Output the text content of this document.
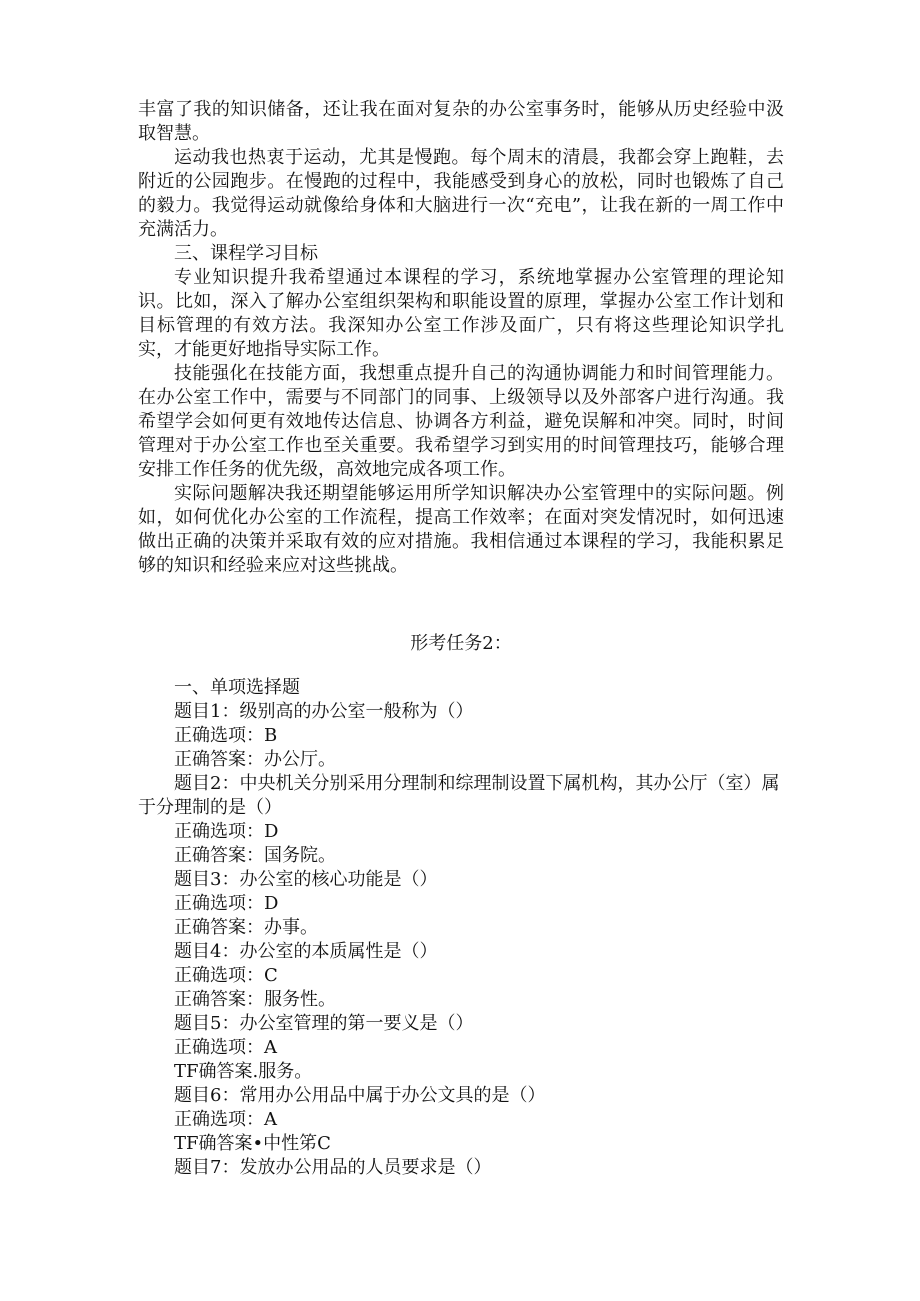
丰富了我的知识储备，还让我在面对复杂的办公室事务时，能够从历史经验中汲取智慧。

运动我也热衷于运动，尤其是慢跑。每个周末的清晨，我都会穿上跑鞋，去附近的公园跑步。在慢跑的过程中，我能感受到身心的放松，同时也锻炼了自己的毅力。我觉得运动就像给身体和大脑进行一次“充电”，让我在新的一周工作中充满活力。

三、课程学习目标

专业知识提升我希望通过本课程的学习，系统地掌握办公室管理的理论知识。比如，深入了解办公室组织架构和职能设置的原理，掌握办公室工作计划和目标管理的有效方法。我深知办公室工作涉及面广，只有将这些理论知识学扎实，才能更好地指导实际工作。

技能强化在技能方面，我想重点提升自己的沟通协调能力和时间管理能力。在办公室工作中，需要与不同部门的同事、上级领导以及外部客户进行沟通。我希望学会如何更有效地传达信息、协调各方利益，避免误解和冲突。同时，时间管理对于办公室工作也至关重要。我希望学习到实用的时间管理技巧，能够合理安排工作任务的优先级，高效地完成各项工作。

实际问题解决我还期望能够运用所学知识解决办公室管理中的实际问题。例如，如何优化办公室的工作流程，提高工作效率；在面对突发情况时，如何迅速做出正确的决策并采取有效的应对措施。我相信通过本课程的学习，我能积累足够的知识和经验来应对这些挑战。

形考任务2：

一、单项选择题

题目1：级别高的办公室一般称为（）

正确选项：B

正确答案：办公厅。

题目2：中央机关分别采用分理制和综理制设置下属机构，其办公厅（室）属于分理制的是（）

正确选项：D

正确答案：国务院。

题目3：办公室的核心功能是（）

正确选项：D

正确答案：办事。

题目4：办公室的本质属性是（）

正确选项：C

正确答案：服务性。

题目5：办公室管理的第一要义是（）

正确选项：A

TF确答案.服务。

题目6：常用办公用品中属于办公文具的是（）

正确选项：A

TF确答案•中性笫C

题目7：发放办公用品的人员要求是（）
